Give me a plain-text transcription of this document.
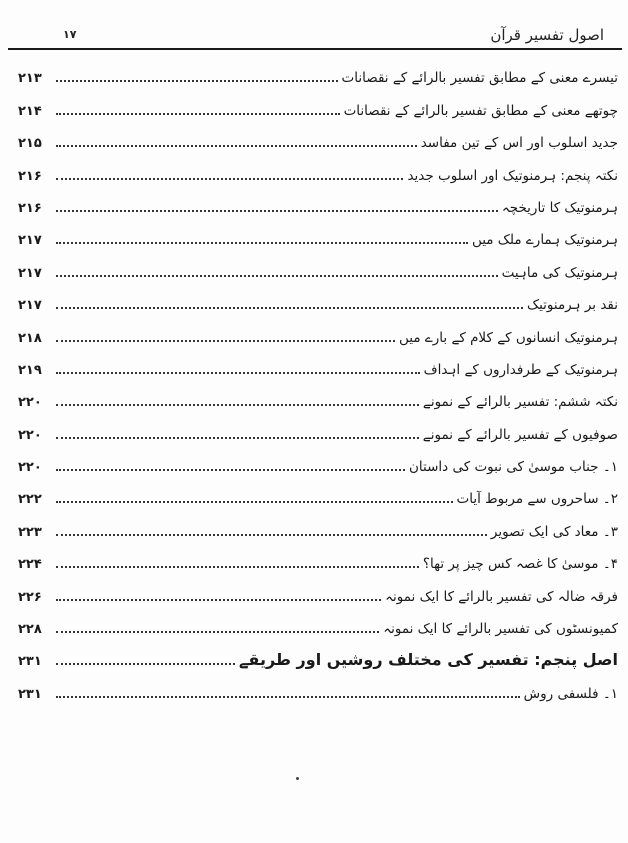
اصول تفسیر قرآن
١٧
تیسرے معنی کے مطابق تفسیر بالرائے کے نقصانات
۲۱۳
چوتھے معنی کے مطابق تفسیر بالرائے کے نقصانات
۲۱۴
جدید اسلوب اور اس کے تین مفاسد
۲۱۵
نکتہ پنجم: ہرمنوتیک اور اسلوب جدید
۲۱۶
ہرمنوتیک کا تاریخچہ
۲۱۶
ہرمنوتیک ہمارے ملک میں
۲۱۷
ہرمنوتیک کی ماہیت
۲۱۷
نقد بر ہرمنوتیک
۲۱۷
ہرمنوتیک انسانوں کے کلام کے بارے میں
۲۱۸
ہرمنوتیک کے طرفداروں کے اہداف
۲۱۹
نکتہ ششم: تفسیر بالرائے کے نمونے
۲۲۰
صوفیوں کے تفسیر بالرائے کے نمونے
۲۲۰
۱۔ جناب موسیٰ کی نبوت کی داستان
۲۲۰
۲۔ ساحروں سے مربوط آیات
۲۲۲
۳۔ معاد کی ایک تصویر
۲۲۳
۴۔ موسیٰ کا غصہ کس چیز پر تھا؟
۲۲۴
فرقہ ضالہ کی تفسیر بالرائے کا ایک نمونہ
۲۲۶
کمیونسٹوں کی تفسیر بالرائے کا ایک نمونہ
۲۲۸
اصل پنجم: تفسیر کی مختلف روشیں اور طریقے
۲۳۱
۱۔ فلسفی روش
۲۳۱
